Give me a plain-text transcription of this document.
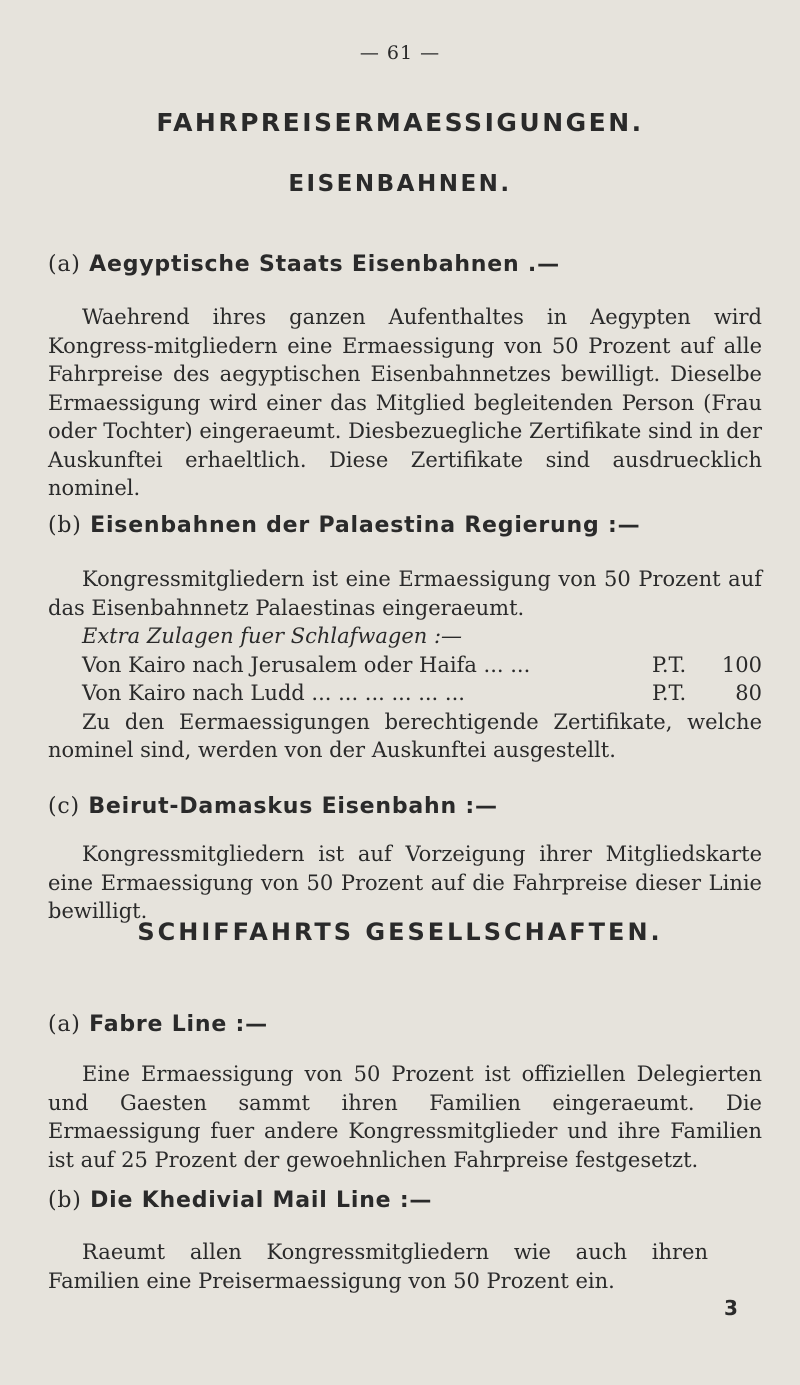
— 61 —
FAHRPREISERMAESSIGUNGEN.
EISENBAHNEN.
(a) Aegyptische Staats Eisenbahnen .—

Waehrend ihres ganzen Aufenthaltes in Aegypten wird Kongress-mitgliedern eine Ermaessigung von 50 Prozent auf alle Fahrpreise des aegyptischen Eisenbahnnetzes bewilligt. Dieselbe Ermaessigung wird einer das Mitglied begleitenden Person (Frau oder Tochter) eingeraeumt. Diesbezuegliche Zertifikate sind in der Auskunftei erhaeltlich. Diese Zertifikate sind ausdruecklich nominel.

(b) Eisenbahnen der Palaestina Regierung :—

Kongressmitgliedern ist eine Ermaessigung von 50 Prozent auf das Eisenbahnnetz Palaestinas eingeraeumt.

Extra Zulagen fuer Schlafwagen :—

Von Kairo nach Jerusalem oder Haifa ... ...	P.T.	100
Von Kairo nach Ludd ... ... ... ... ... ...	P.T.	80

Zu den Eermaessigungen berechtigende Zertifikate, welche nominel sind, werden von der Auskunftei ausgestellt.

(c) Beirut-Damaskus Eisenbahn :—

Kongressmitgliedern ist auf Vorzeigung ihrer Mitgliedskarte eine Ermaessigung von 50 Prozent auf die Fahrpreise dieser Linie bewilligt.

SCHIFFAHRTS GESELLSCHAFTEN.
(a) Fabre Line :—

Eine Ermaessigung von 50 Prozent ist offiziellen Delegierten und Gaesten sammt ihren Familien eingeraeumt. Die Ermaessigung fuer andere Kongressmitglieder und ihre Familien ist auf 25 Prozent der gewoehnlichen Fahrpreise festgesetzt.

(b) Die Khedivial Mail Line :—

Raeumt allen Kongressmitgliedern wie auch ihren Familien eine Preisermaessigung von 50 Prozent ein.

3
